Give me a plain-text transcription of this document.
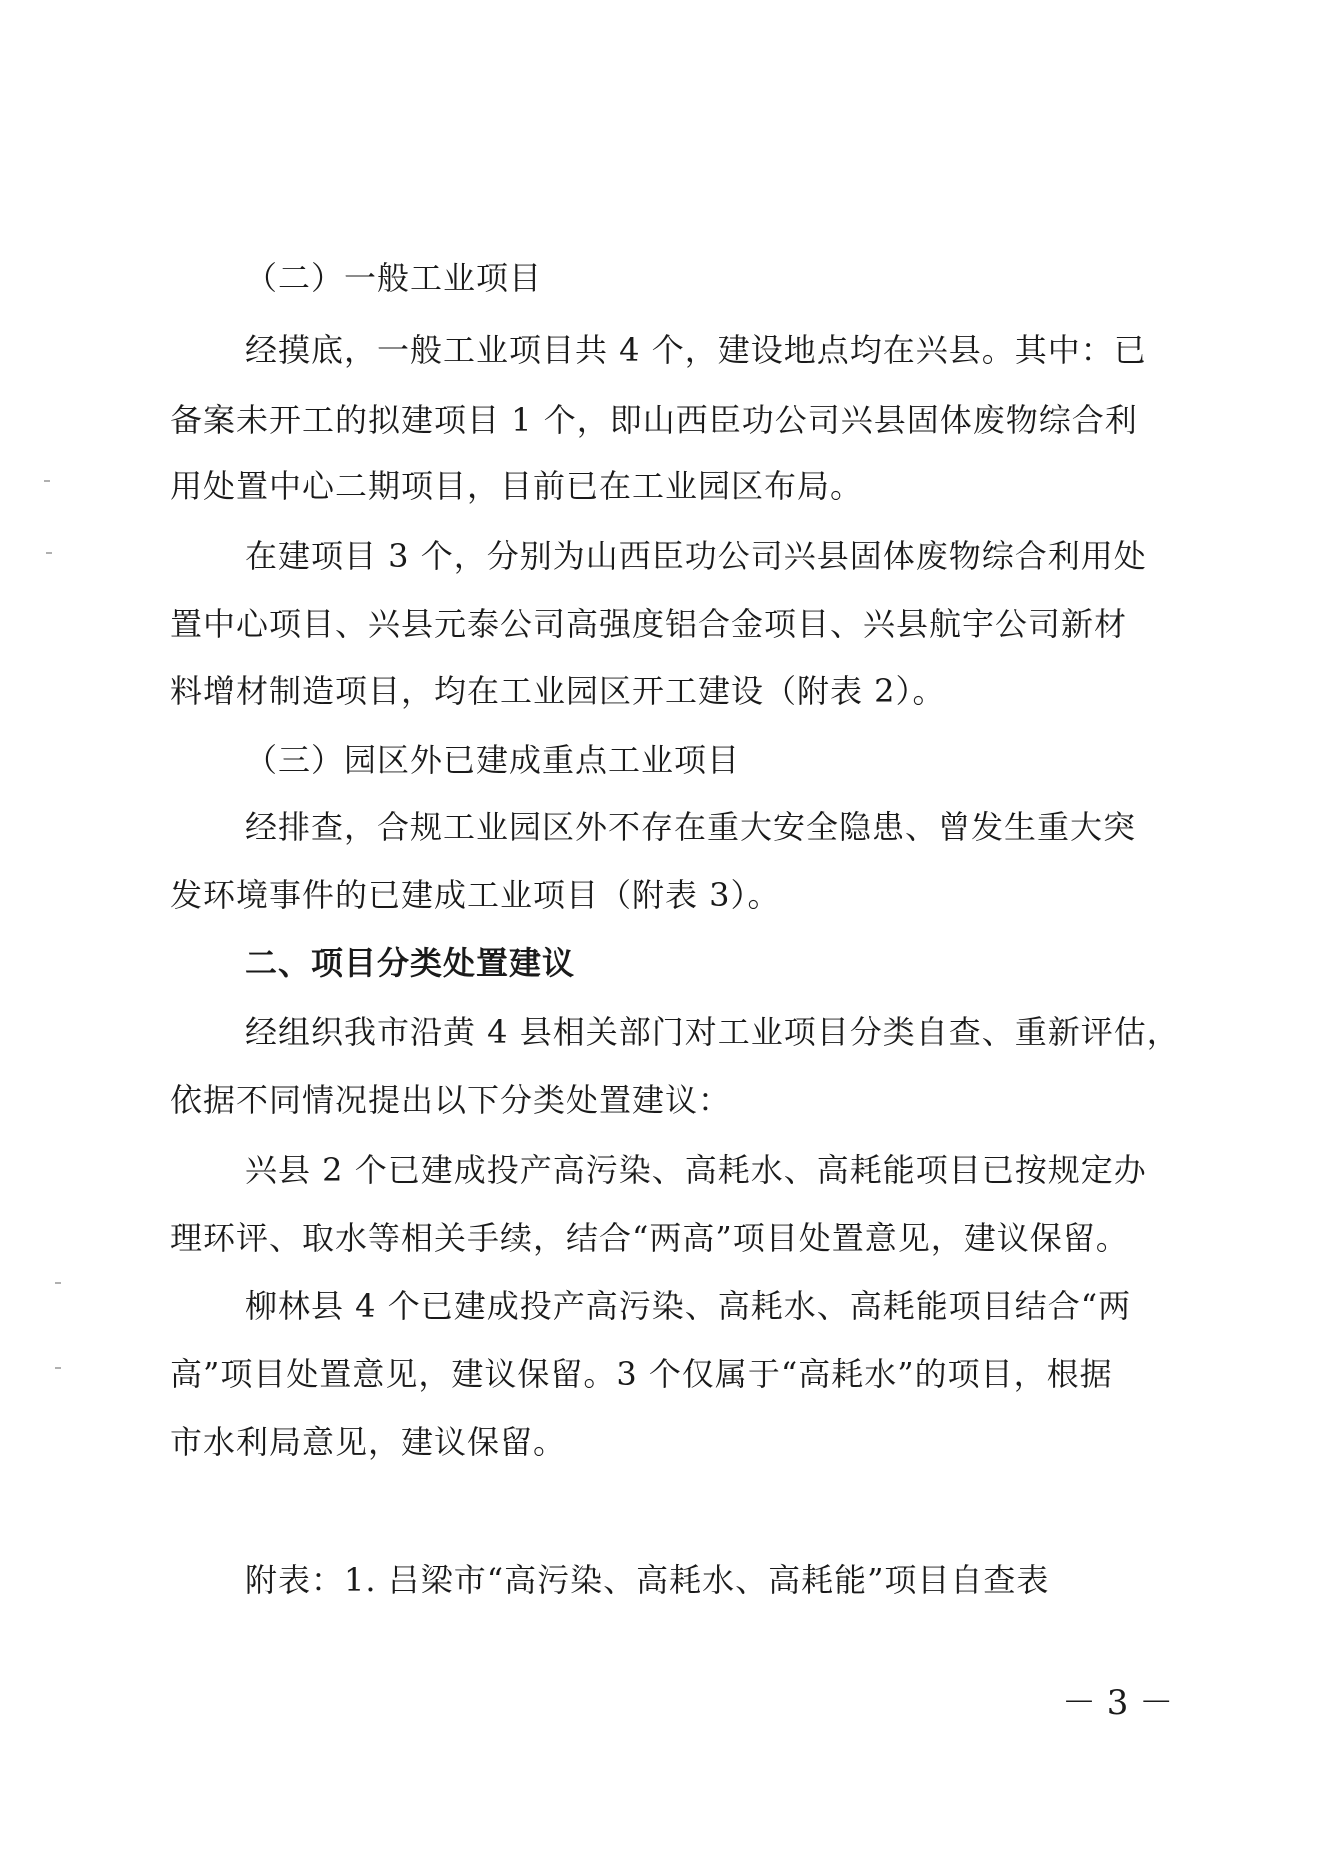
（二）一般工业项目
经摸底，一般工业项目共 4 个，建设地点均在兴县。其中：已
备案未开工的拟建项目 1 个，即山西臣功公司兴县固体废物综合利
用处置中心二期项目，目前已在工业园区布局。
在建项目 3 个，分别为山西臣功公司兴县固体废物综合利用处
置中心项目、兴县元泰公司高强度铝合金项目、兴县航宇公司新材
料增材制造项目，均在工业园区开工建设（附表 2）。
（三）园区外已建成重点工业项目
经排查，合规工业园区外不存在重大安全隐患、曾发生重大突
发环境事件的已建成工业项目（附表 3）。
二、项目分类处置建议
经组织我市沿黄 4 县相关部门对工业项目分类自查、重新评估，
依据不同情况提出以下分类处置建议：
兴县 2 个已建成投产高污染、高耗水、高耗能项目已按规定办
理环评、取水等相关手续，结合“两高”项目处置意见，建议保留。
柳林县 4 个已建成投产高污染、高耗水、高耗能项目结合“两
高”项目处置意见，建议保留。3 个仅属于“高耗水”的项目，根据
市水利局意见，建议保留。
附表：1. 吕梁市“高污染、高耗水、高耗能”项目自查表
－ 3 －
